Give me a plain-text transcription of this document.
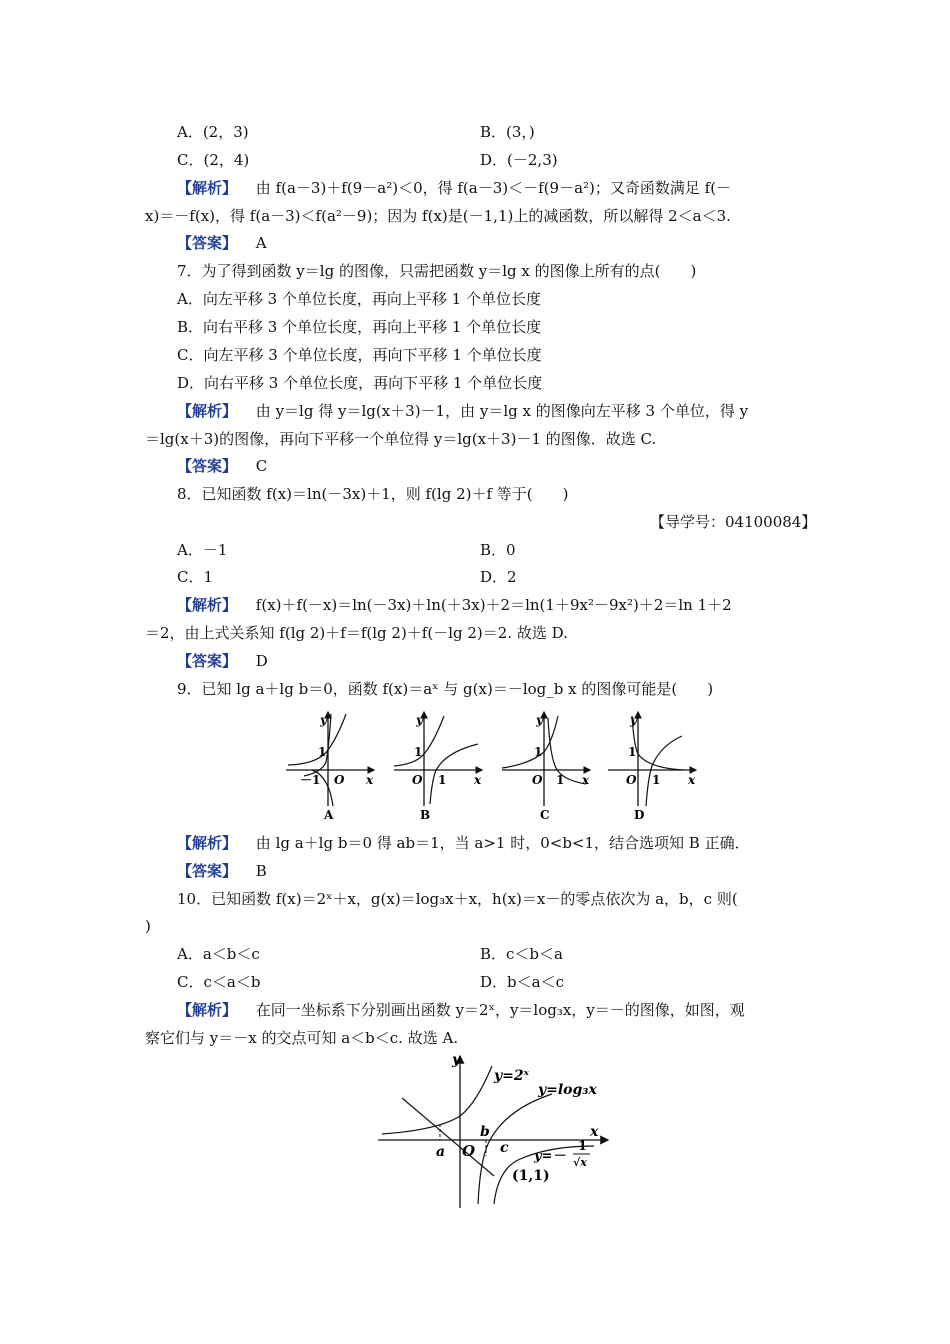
A．(2，3)	B．(3，)
C．(2，4)	D．(－2,3)
【解析】 由 f(a－3)＋f(9－a²)＜0，得 f(a－3)＜－f(9－a²)；又奇函数满足 f(－
x)＝－f(x)，得 f(a－3)＜f(a²－9)；因为 f(x)是(－1,1)上的减函数，所以解得 2＜a＜3.
【答案】 A
7．为了得到函数 y＝lg 的图像，只需把函数 y＝lg x 的图像上所有的点(　　)
A．向左平移 3 个单位长度，再向上平移 1 个单位长度
B．向右平移 3 个单位长度，再向上平移 1 个单位长度
C．向左平移 3 个单位长度，再向下平移 1 个单位长度
D．向右平移 3 个单位长度，再向下平移 1 个单位长度
【解析】 由 y＝lg 得 y＝lg(x＋3)－1，由 y＝lg x 的图像向左平移 3 个单位，得 y
＝lg(x＋3)的图像，再向下平移一个单位得 y＝lg(x＋3)－1 的图像．故选 C.
【答案】 C
8．已知函数 f(x)＝ln(－3x)＋1，则 f(lg 2)＋f 等于(　　)
【导学号：04100084】
A．－1	B．0
C．1	D．2
【解析】 f(x)＋f(－x)＝ln(－3x)＋ln(＋3x)＋2＝ln(1＋9x²－9x²)＋2＝ln 1＋2
＝2，由上式关系知 f(lg 2)＋f＝f(lg 2)＋f(－lg 2)＝2. 故选 D.
【答案】 D
9．已知 lg a＋lg b＝0，函数 f(x)＝aˣ 与 g(x)＝－log_b x 的图像可能是(　　)
y
x
O
1
－1
A
y
x
O
1
1
B
y
x
O
1
1
C
y
x
O
1
1
D
【解析】 由 lg a＋lg b＝0 得 ab＝1，当 a>1 时，0<b<1，结合选项知 B 正确．
【答案】 B
10．已知函数 f(x)＝2ˣ＋x，g(x)＝log₃x＋x，h(x)＝x－的零点依次为 a，b，c 则(
)
A．a＜b＜c	B．c＜b＜a
C．c＜a＜b	D．b＜a＜c
【解析】 在同一坐标系下分别画出函数 y＝2ˣ，y＝log₃x，y＝－的图像，如图，观
察它们与 y＝－x 的交点可知 a＜b＜c. 故选 A.
y
x
O
y=2ˣ
y=log₃x
y=－
1
√x
a
b
c
(1,1)
